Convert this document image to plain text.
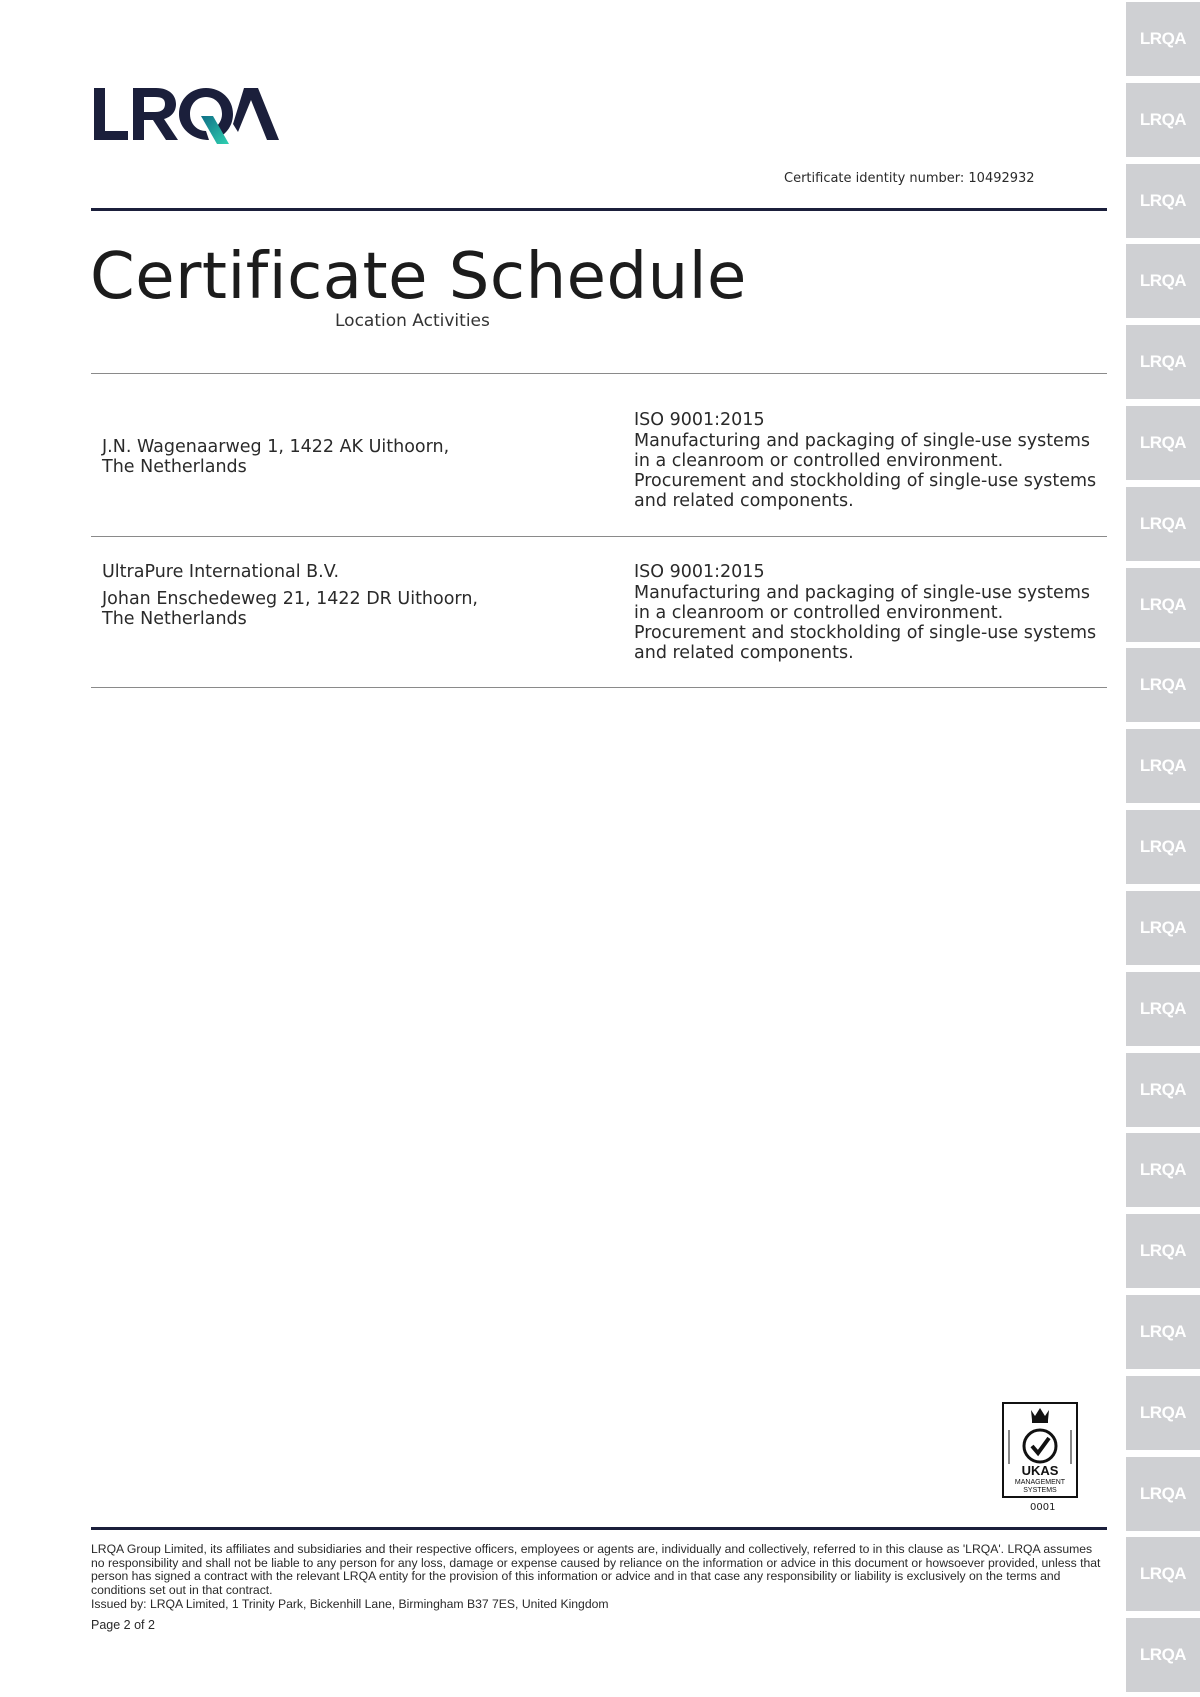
Certificate identity number: 10492932
Certificate Schedule
Location Activities
J.N. Wagenaarweg 1, 1422 AK Uithoorn,
The Netherlands
ISO 9001:2015
Manufacturing and packaging of single-use systems in a cleanroom or controlled environment. Procurement and stockholding of single-use systems and related components.
UltraPure International B.V.
Johan Enschedeweg 21, 1422 DR Uithoorn,
The Netherlands
ISO 9001:2015
Manufacturing and packaging of single-use systems in a cleanroom or controlled environment. Procurement and stockholding of single-use systems and related components.
UKAS
MANAGEMENT
SYSTEMS
0001
LRQA Group Limited, its affiliates and subsidiaries and their respective officers, employees or agents are, individually and collectively, referred to in this clause as 'LRQA'. LRQA assumes no responsibility and shall not be liable to any person for any loss, damage or expense caused by reliance on the information or advice in this document or howsoever provided, unless that person has signed a contract with the relevant LRQA entity for the provision of this information or advice and in that case any responsibility or liability is exclusively on the terms and conditions set out in that contract.
Issued by: LRQA Limited, 1 Trinity Park, Bickenhill Lane, Birmingham B37 7ES, United Kingdom
Page 2 of 2
LRQA
LRQA
LRQA
LRQA
LRQA
LRQA
LRQA
LRQA
LRQA
LRQA
LRQA
LRQA
LRQA
LRQA
LRQA
LRQA
LRQA
LRQA
LRQA
LRQA
LRQA
